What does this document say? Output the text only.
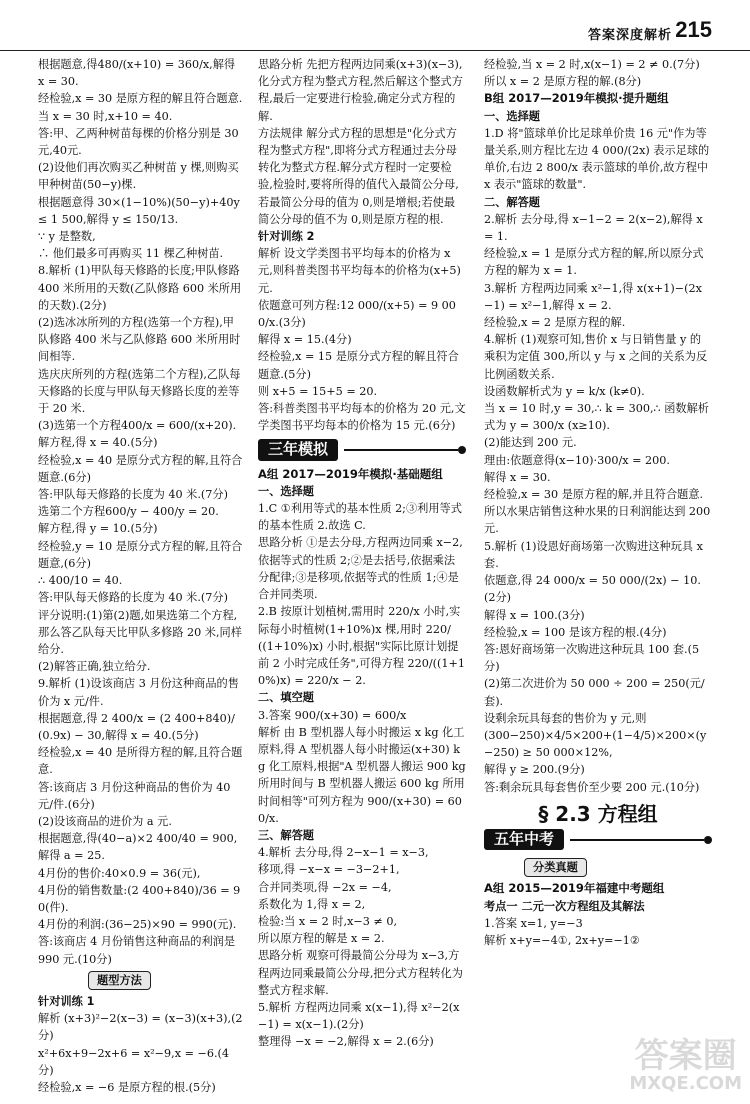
答案深度解析 215

根据题意,得480/(x+10) = 360/x,解得 x = 30.

经检验,x = 30 是原方程的解且符合题意.

当 x = 30 时,x+10 = 40.

答:甲、乙两种树苗每棵的价格分别是 30元,40元.

(2)设他们再次购买乙种树苗 y 棵,则购买甲种树苗(50−y)棵.

根据题意得 30×(1−10%)(50−y)+40y ≤ 1 500,解得 y ≤ 150/13.

∵ y 是整数,

∴ 他们最多可再购买 11 棵乙种树苗.

8.解析 (1)甲队每天修路的长度;甲队修路 400 米所用的天数(乙队修路 600 米所用的天数).(2分)

(2)选冰冰所列的方程(选第一个方程),甲队修路 400 米与乙队修路 600 米所用时间相等.

选庆庆所列的方程(选第二个方程),乙队每天修路的长度与甲队每天修路长度的差等于 20 米.

(3)选第一个方程400/x = 600/(x+20).

解方程,得 x = 40.(5分)

经检验,x = 40 是原分式方程的解,且符合题意.(6分)

答:甲队每天修路的长度为 40 米.(7分)

选第二个方程600/y − 400/y = 20.

解方程,得 y = 10.(5分)

经检验,y = 10 是原分式方程的解,且符合题意,(6分)

∴ 400/10 = 40.

答:甲队每天修路的长度为 40 米.(7分)

评分说明:(1)第(2)题,如果选第二个方程,那么答乙队每天比甲队多修路 20 米,同样给分.

(2)解答正确,独立给分.

9.解析 (1)设该商店 3 月份这种商品的售价为 x 元/件.

根据题意,得 2 400/x = (2 400+840)/(0.9x) − 30,解得 x = 40.(5分)

经检验,x = 40 是所得方程的解,且符合题意.

答:该商店 3 月份这种商品的售价为 40 元/件.(6分)

(2)设该商品的进价为 a 元.

根据题意,得(40−a)×2 400/40 = 900,解得 a = 25.

4月份的售价:40×0.9 = 36(元),

4月份的销售数量:(2 400+840)/36 = 90(件).

4月份的利润:(36−25)×90 = 990(元).

答:该商店 4 月份销售这种商品的利润是 990 元.(10分)

题型方法

针对训练 1

解析 (x+3)²−2(x−3) = (x−3)(x+3),(2分)

x²+6x+9−2x+6 = x²−9,x = −6.(4分)

经检验,x = −6 是原方程的根.(5分)

思路分析 先把方程两边同乘(x+3)(x−3),化分式方程为整式方程,然后解这个整式方程,最后一定要进行检验,确定分式方程的解.

方法规律 解分式方程的思想是"化分式方程为整式方程",即将分式方程通过去分母转化为整式方程.解分式方程时一定要检验,检验时,要将所得的值代入最简公分母,若最简公分母的值为 0,则是增根;若使最简公分母的值不为 0,则是原方程的根.

针对训练 2

解析 设文学类图书平均每本的价格为 x 元,则科普类图书平均每本的价格为(x+5)元.

依题意可列方程:12 000/(x+5) = 9 000/x.(3分)

解得 x = 15.(4分)

经检验,x = 15 是原分式方程的解且符合题意.(5分)

则 x+5 = 15+5 = 20.

答:科普类图书平均每本的价格为 20 元,文学类图书平均每本的价格为 15 元.(6分)

三年模拟

A组 2017—2019年模拟·基础题组

一、选择题

1.C ①利用等式的基本性质 2;③利用等式的基本性质 2.故选 C.

思路分析 ①是去分母,方程两边同乘 x−2,依据等式的性质 2;②是去括号,依据乘法分配律;③是移项,依据等式的性质 1;④是合并同类项.

2.B 按原计划植树,需用时 220/x 小时,实际每小时植树(1+10%)x 棵,用时 220/((1+10%)x) 小时,根据"实际比原计划提前 2 小时完成任务",可得方程 220/((1+10%)x) = 220/x − 2.

二、填空题

3.答案 900/(x+30) = 600/x

解析 由 B 型机器人每小时搬运 x kg 化工原料,得 A 型机器人每小时搬运(x+30) kg 化工原料,根据"A 型机器人搬运 900 kg 所用时间与 B 型机器人搬运 600 kg 所用时间相等"可列方程为 900/(x+30) = 600/x.

三、解答题

4.解析 去分母,得 2−x−1 = x−3,

移项,得 −x−x = −3−2+1,

合并同类项,得 −2x = −4,

系数化为 1,得 x = 2,

检验:当 x = 2 时,x−3 ≠ 0,

所以原方程的解是 x = 2.

思路分析 观察可得最简公分母为 x−3,方程两边同乘最简公分母,把分式方程转化为整式方程求解.

5.解析 方程两边同乘 x(x−1),得 x²−2(x−1) = x(x−1).(2分)

整理得 −x = −2,解得 x = 2.(6分)

经检验,当 x = 2 时,x(x−1) = 2 ≠ 0.(7分)

所以 x = 2 是原方程的解.(8分)

B组 2017—2019年模拟·提升题组

一、选择题

1.D 将"篮球单价比足球单价贵 16 元"作为等量关系,则方程比左边 4 000/(2x) 表示足球的单价,右边 2 800/x 表示篮球的单价,故方程中 x 表示"篮球的数量".

二、解答题

2.解析 去分母,得 x−1−2 = 2(x−2),解得 x = 1.

经检验,x = 1 是原分式方程的解,所以原分式方程的解为 x = 1.

3.解析 方程两边同乘 x²−1,得 x(x+1)−(2x−1) = x²−1,解得 x = 2.

经检验,x = 2 是原方程的解.

4.解析 (1)观察可知,售价 x 与日销售量 y 的乘积为定值 300,所以 y 与 x 之间的关系为反比例函数关系.

设函数解析式为 y = k/x (k≠0).

当 x = 10 时,y = 30,∴ k = 300,∴ 函数解析式为 y = 300/x (x≥10).

(2)能达到 200 元.

理由:依题意得(x−10)·300/x = 200.

解得 x = 30.

经检验,x = 30 是原方程的解,并且符合题意.

所以水果店销售这种水果的日利润能达到 200 元.

5.解析 (1)设恩好商场第一次购进这种玩具 x 套.

依题意,得 24 000/x = 50 000/(2x) − 10.(2分)

解得 x = 100.(3分)

经检验,x = 100 是该方程的根.(4分)

答:恩好商场第一次购进这种玩具 100 套.(5分)

(2)第二次进价为 50 000 ÷ 200 = 250(元/套).

设剩余玩具每套的售价为 y 元,则

(300−250)×4/5×200+(1−4/5)×200×(y−250) ≥ 50 000×12%,

解得 y ≥ 200.(9分)

答:剩余玩具每套售价至少要 200 元.(10分)

§ 2.3 方程组
五年中考
分类真题

A组 2015—2019年福建中考题组

考点一 二元一次方程组及其解法

1.答案 x=1, y=−3

解析 x+y=−4①, 2x+y=−1②

答案圈
MXQE.COM
